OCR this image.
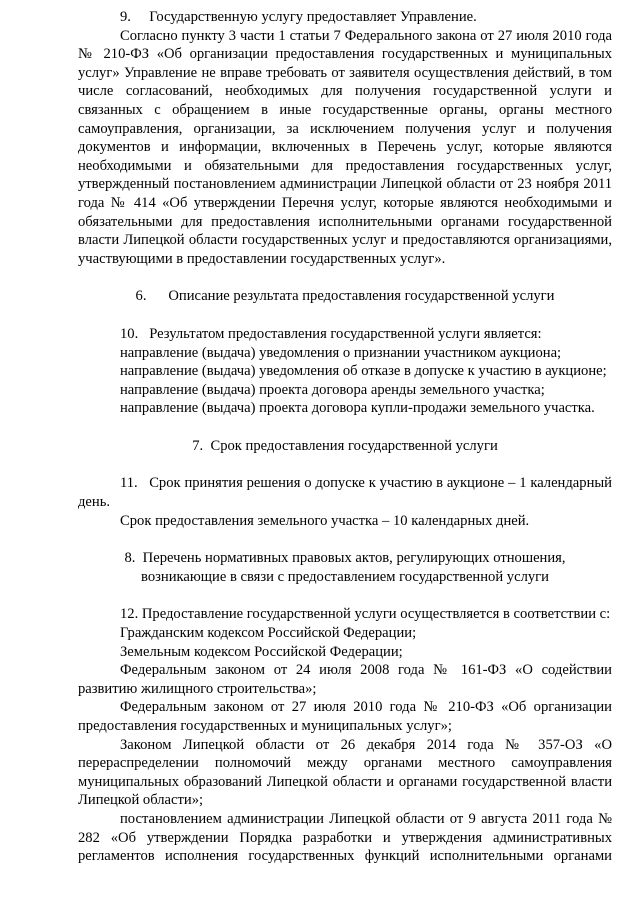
9.     Государственную услугу предоставляет Управление.

Согласно пункту 3 части 1 статьи 7 Федерального закона от 27 июля 2010 года № 210-ФЗ «Об организации предоставления государственных и муниципальных услуг» Управление не вправе требовать от заявителя осуществления действий, в том числе согласований, необходимых для получения государственной услуги и связанных с обращением в иные государственные органы, органы местного самоуправления, организации, за исключением получения услуг и получения документов и информации, включенных в Перечень услуг, которые являются необходимыми и обязательными для предоставления государственных услуг, утвержденный постановлением администрации Липецкой области от 23 ноября 2011 года № 414 «Об утверждении Перечня услуг, которые являются необходимыми и обязательными для предоставления исполнительными органами государственной власти Липецкой области государственных услуг и предоставляются организациями, участвующими в предоставлении государственных услуг».

6.      Описание результата предоставления государственной услуги

10.   Результатом предоставления государственной услуги является:

направление (выдача) уведомления о признании участником аукциона;

направление (выдача) уведомления об отказе в допуске к участию в аукционе;

направление (выдача) проекта договора аренды земельного участка;

направление (выдача) проекта договора купли-продажи земельного участка.

7.  Срок предоставления государственной услуги

11.   Срок принятия решения о допуске к участию в аукционе – 1 календарный день.

Срок предоставления земельного участка – 10 календарных дней.

8.  Перечень нормативных правовых актов, регулирующих отношения,

возникающие в связи с предоставлением государственной услуги

12. Предоставление государственной услуги осуществляется в соответствии с:

Гражданским кодексом Российской Федерации;

Земельным кодексом Российской Федерации;

Федеральным законом от 24 июля 2008 года № 161-ФЗ «О содействии развитию жилищного строительства»;

Федеральным законом от 27 июля 2010 года № 210-ФЗ «Об организации предоставления государственных и муниципальных услуг»;

Законом Липецкой области от 26 декабря 2014 года № 357-ОЗ «О перераспределении полномочий между органами местного самоуправления муниципальных образований Липецкой области и органами государственной власти Липецкой области»;

постановлением администрации Липецкой области от 9 августа 2011 года № 282 «Об утверждении Порядка разработки и утверждения административных регламентов исполнения государственных функций исполнительными органами
